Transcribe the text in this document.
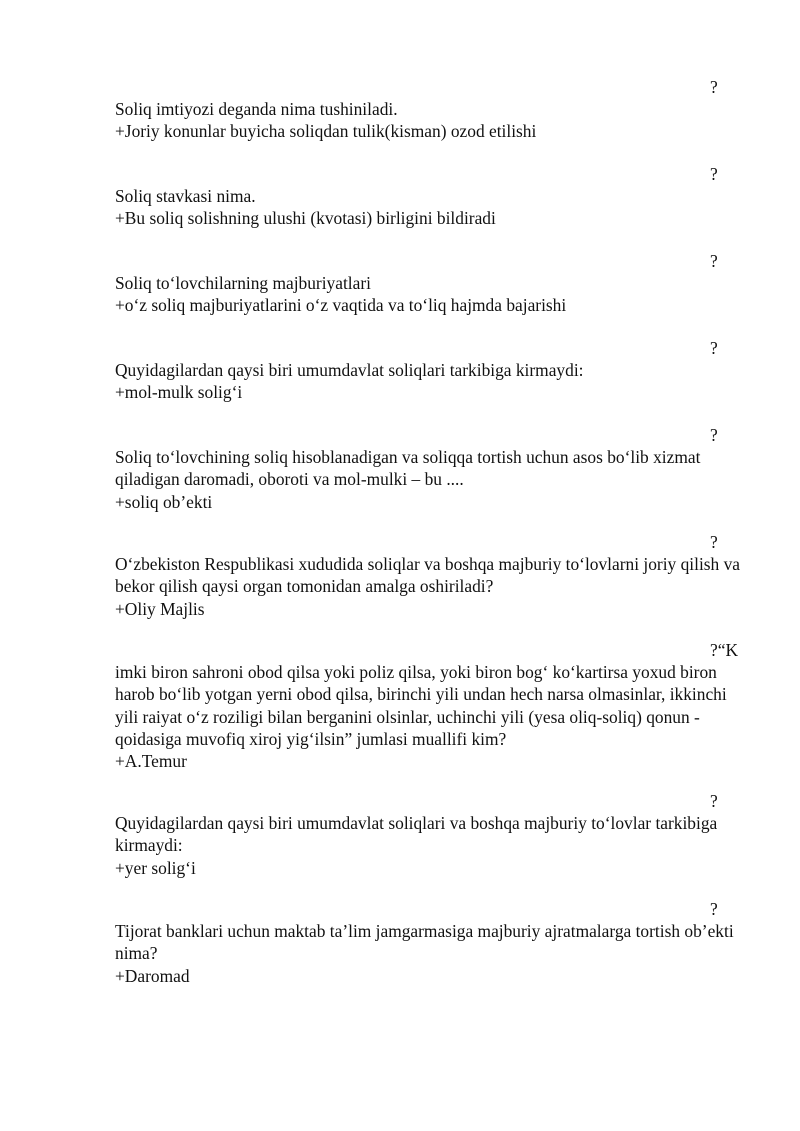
?
Soliq imtiyozi deganda nima tushiniladi.
+Joriy konunlar buyicha soliqdan tulik(kisman) ozod etilishi
?
Soliq stavkasi nima.
+Bu soliq solishning ulushi (kvotasi) birligini bildiradi
?
Soliq to‘lovchilarning majburiyatlari
+o‘z soliq majburiyatlarini o‘z vaqtida va to‘liq hajmda bajarishi
?
Quyidagilardan qaysi biri umumdavlat soliqlari tarkibiga kirmaydi:
+mol-mulk solig‘i
?
Soliq to‘lovchining soliq hisoblanadigan va soliqqa tortish uchun asos bo‘lib xizmat qiladigan daromadi, oboroti va mol-mulki – bu ....
+soliq ob’ekti
?
O‘zbekiston Respublikasi xududida soliqlar va boshqa majburiy to‘lovlarni joriy qilish va bekor qilish qaysi organ tomonidan amalga oshiriladi?
+Oliy Majlis
?“K
imki biron sahroni obod qilsa yoki poliz qilsa, yoki biron bog‘ ko‘kartirsa yoxud biron harob bo‘lib yotgan yerni obod qilsa, birinchi yili undan hech narsa olmasinlar, ikkinchi yili raiyat o‘z roziligi bilan berganini olsinlar, uchinchi yili (yesa oliq-soliq) qonun -qoidasiga muvofiq xiroj yig‘ilsin” jumlasi muallifi kim?
+A.Temur
?
Quyidagilardan qaysi biri umumdavlat soliqlari va boshqa majburiy to‘lovlar tarkibiga kirmaydi:
+yer solig‘i
?
Tijorat banklari uchun maktab ta’lim jamgarmasiga majburiy ajratmalarga tortish ob’ekti nima?
+Daromad
